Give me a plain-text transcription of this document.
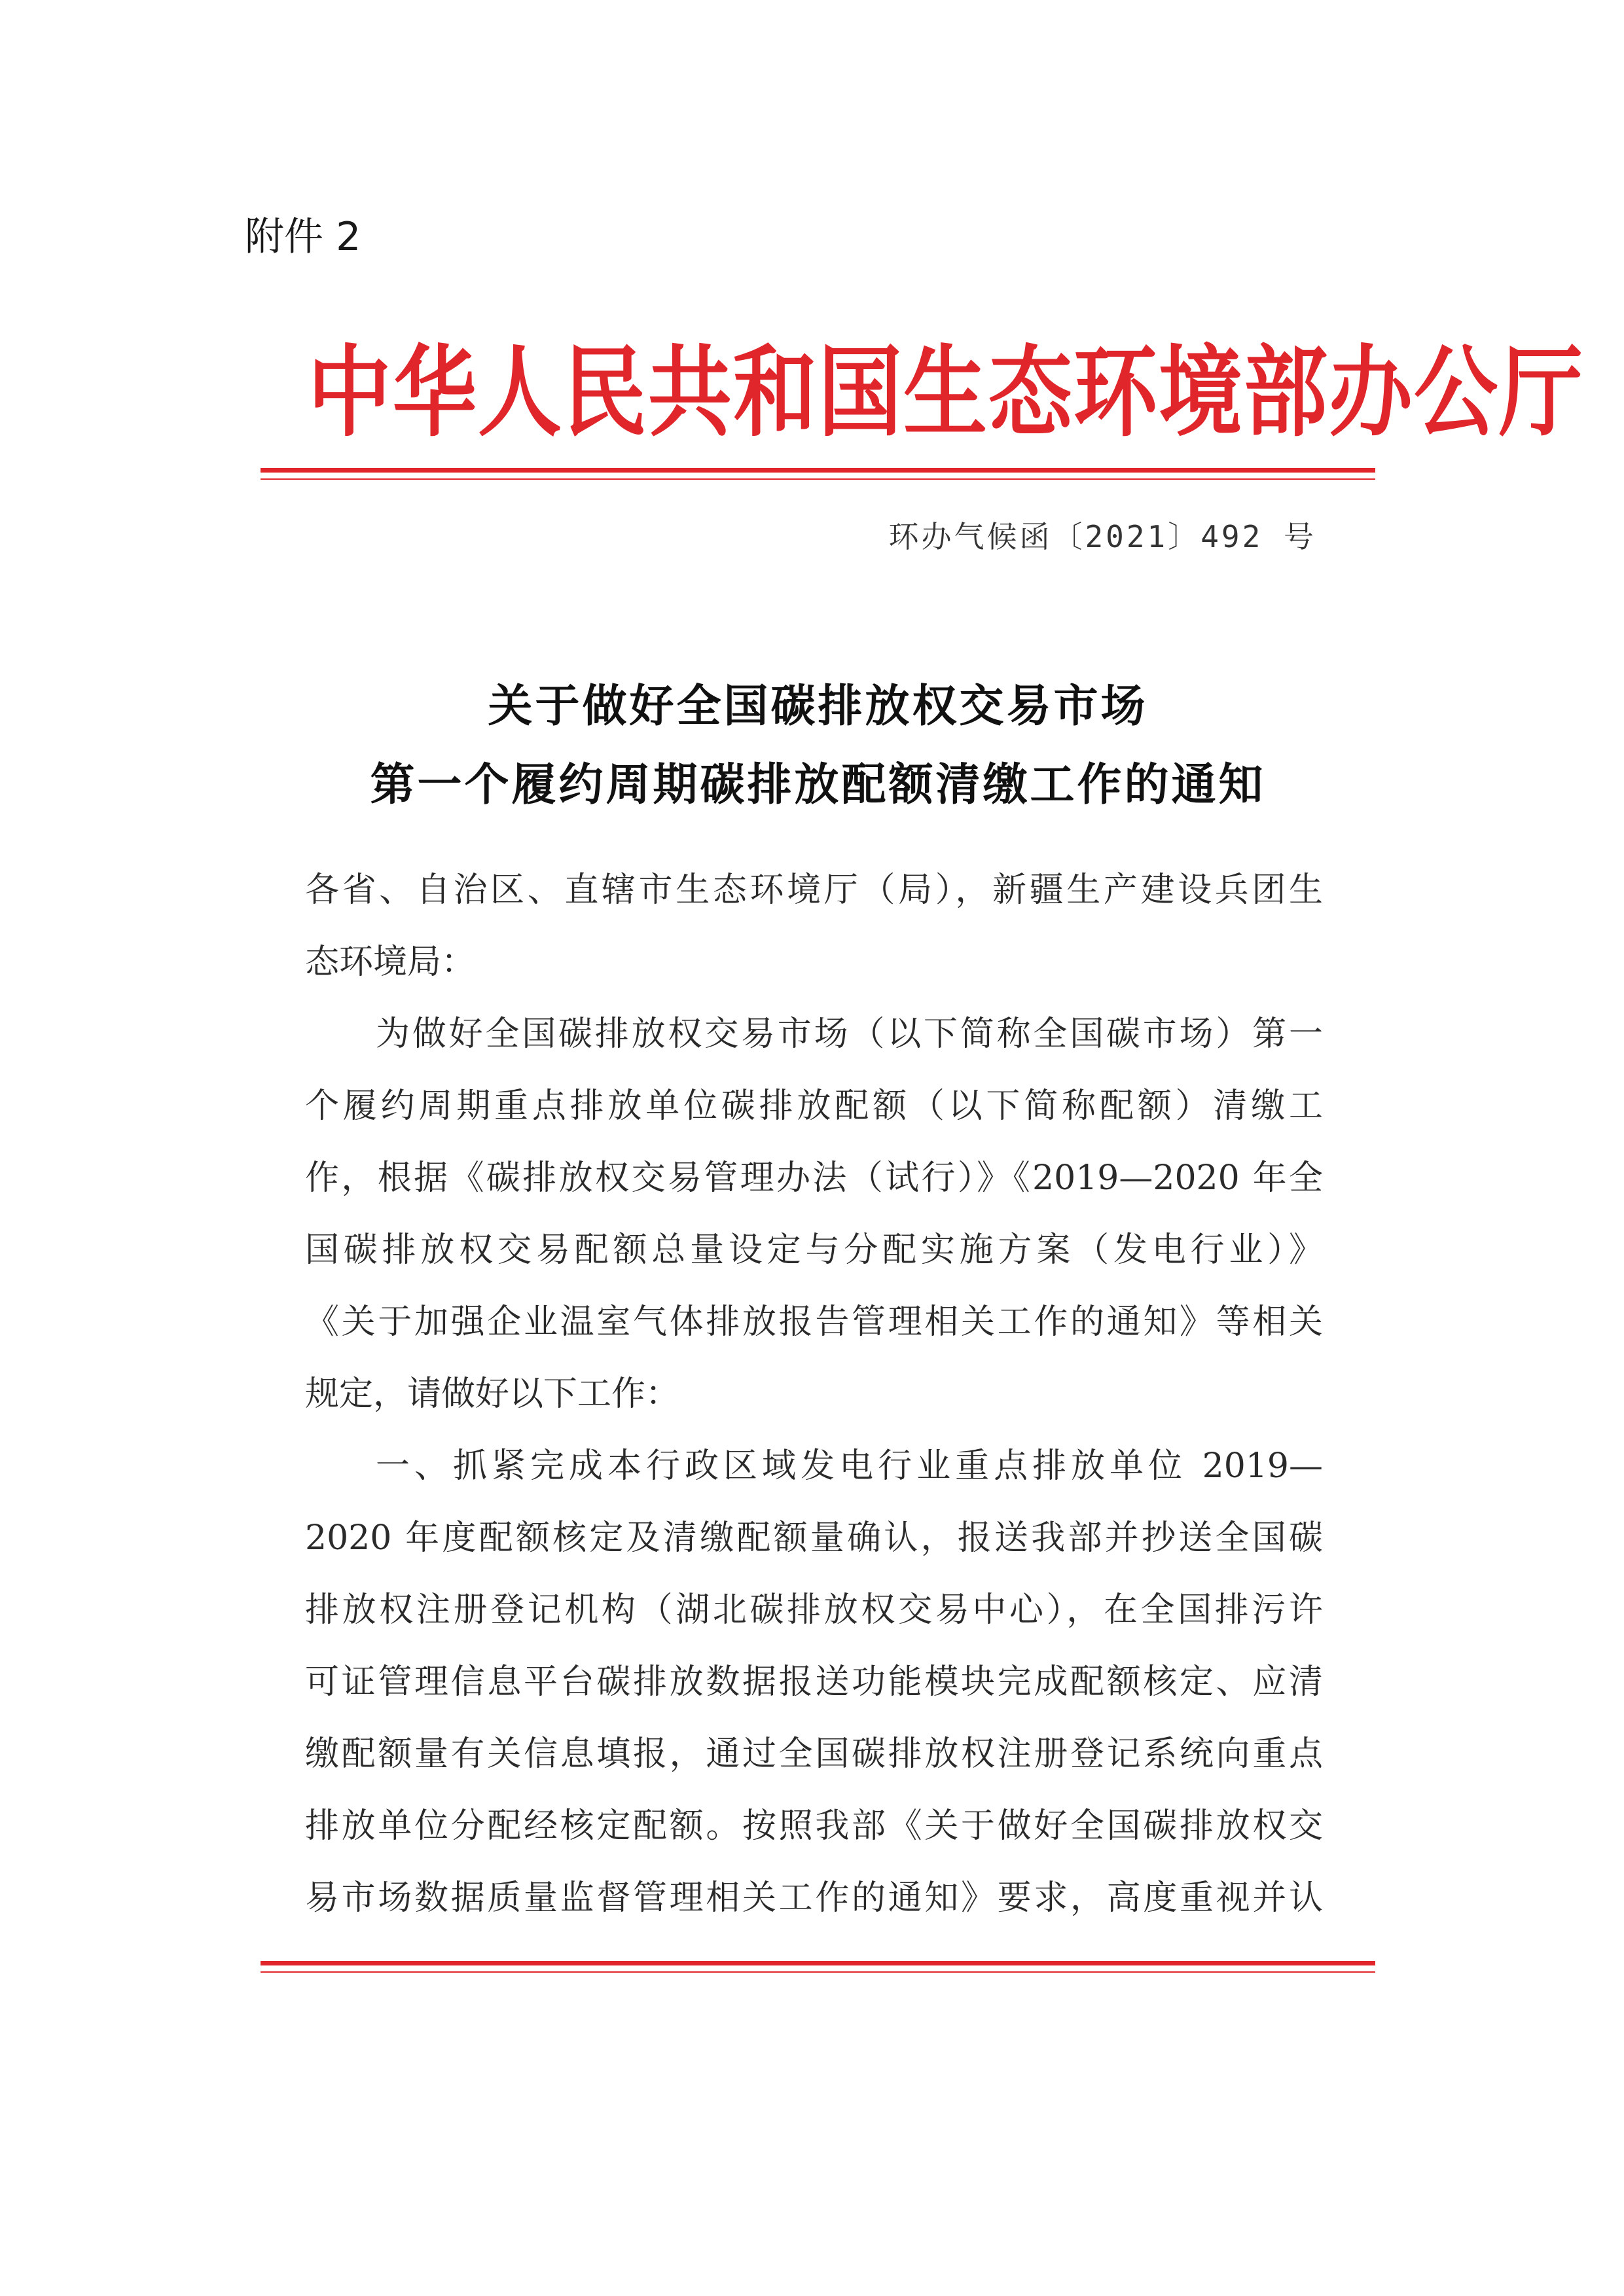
附件 2
中华人民共和国生态环境部办公厅
环办气候函〔2021〕492 号
关于做好全国碳排放权交易市场
第一个履约周期碳排放配额清缴工作的通知
各省、自治区、直辖市生态环境厅（局），新疆生产建设兵团生
态环境局：
为做好全国碳排放权交易市场（以下简称全国碳市场）第一
个履约周期重点排放单位碳排放配额（以下简称配额）清缴工
作，根据《碳排放权交易管理办法（试行）》《2019—2020 年全
国碳排放权交易配额总量设定与分配实施方案（发电行业）》
《关于加强企业温室气体排放报告管理相关工作的通知》等相关
规定，请做好以下工作：
一、抓紧完成本行政区域发电行业重点排放单位 2019—
2020 年度配额核定及清缴配额量确认，报送我部并抄送全国碳
排放权注册登记机构（湖北碳排放权交易中心），在全国排污许
可证管理信息平台碳排放数据报送功能模块完成配额核定、应清
缴配额量有关信息填报，通过全国碳排放权注册登记系统向重点
排放单位分配经核定配额。按照我部《关于做好全国碳排放权交
易市场数据质量监督管理相关工作的通知》要求，高度重视并认
